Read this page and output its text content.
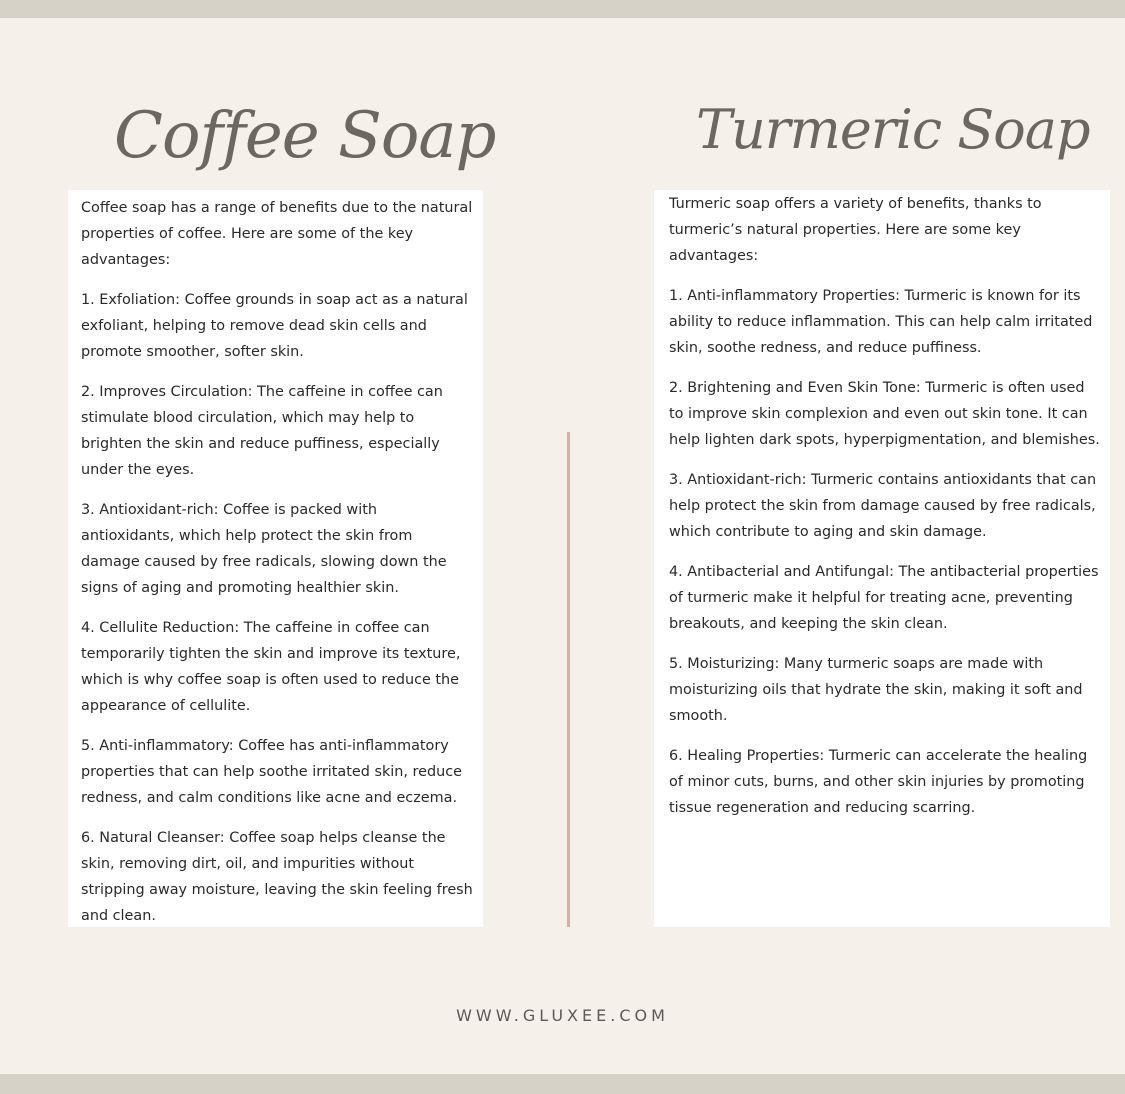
Coffee Soap	Turmeric Soap

Coffee soap has a range of benefits due to the natural properties of coffee. Here are some of the key advantages:

1. Exfoliation: Coffee grounds in soap act as a natural exfoliant, helping to remove dead skin cells and promote smoother, softer skin.

2. Improves Circulation: The caffeine in coffee can stimulate blood circulation, which may help to brighten the skin and reduce puffiness, especially under the eyes.

3. Antioxidant-rich: Coffee is packed with antioxidants, which help protect the skin from damage caused by free radicals, slowing down the signs of aging and promoting healthier skin.

4. Cellulite Reduction: The caffeine in coffee can temporarily tighten the skin and improve its texture, which is why coffee soap is often used to reduce the appearance of cellulite.

5. Anti-inflammatory: Coffee has anti-inflammatory properties that can help soothe irritated skin, reduce redness, and calm conditions like acne and eczema.

6. Natural Cleanser: Coffee soap helps cleanse the skin, removing dirt, oil, and impurities without stripping away moisture, leaving the skin feeling fresh and clean.

Turmeric soap offers a variety of benefits, thanks to turmeric’s natural properties. Here are some key advantages:

1. Anti-inflammatory Properties: Turmeric is known for its ability to reduce inflammation. This can help calm irritated skin, soothe redness, and reduce puffiness.

2. Brightening and Even Skin Tone: Turmeric is often used to improve skin complexion and even out skin tone. It can help lighten dark spots, hyperpigmentation, and blemishes.

3. Antioxidant-rich: Turmeric contains antioxidants that can help protect the skin from damage caused by free radicals, which contribute to aging and skin damage.

4. Antibacterial and Antifungal: The antibacterial properties of turmeric make it helpful for treating acne, preventing breakouts, and keeping the skin clean.

5. Moisturizing: Many turmeric soaps are made with moisturizing oils that hydrate the skin, making it soft and smooth.

6. Healing Properties: Turmeric can accelerate the healing of minor cuts, burns, and other skin injuries by promoting tissue regeneration and reducing scarring.

WWW.GLUXEE.COM
